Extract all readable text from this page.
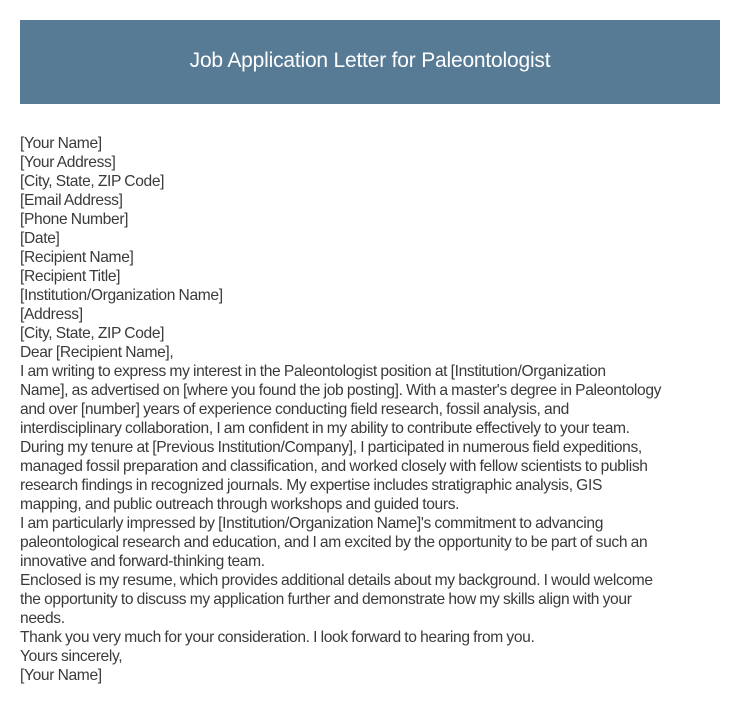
Job Application Letter for Paleontologist
[Your Name]
[Your Address]
[City, State, ZIP Code]
[Email Address]
[Phone Number]
[Date]
[Recipient Name]
[Recipient Title]
[Institution/Organization Name]
[Address]
[City, State, ZIP Code]
Dear [Recipient Name],
I am writing to express my interest in the Paleontologist position at [Institution/Organization
Name], as advertised on [where you found the job posting]. With a master's degree in Paleontology
and over [number] years of experience conducting field research, fossil analysis, and
interdisciplinary collaboration, I am confident in my ability to contribute effectively to your team.
During my tenure at [Previous Institution/Company], I participated in numerous field expeditions,
managed fossil preparation and classification, and worked closely with fellow scientists to publish
research findings in recognized journals. My expertise includes stratigraphic analysis, GIS
mapping, and public outreach through workshops and guided tours.
I am particularly impressed by [Institution/Organization Name]'s commitment to advancing
paleontological research and education, and I am excited by the opportunity to be part of such an
innovative and forward-thinking team.
Enclosed is my resume, which provides additional details about my background. I would welcome
the opportunity to discuss my application further and demonstrate how my skills align with your
needs.
Thank you very much for your consideration. I look forward to hearing from you.
Yours sincerely,
[Your Name]
